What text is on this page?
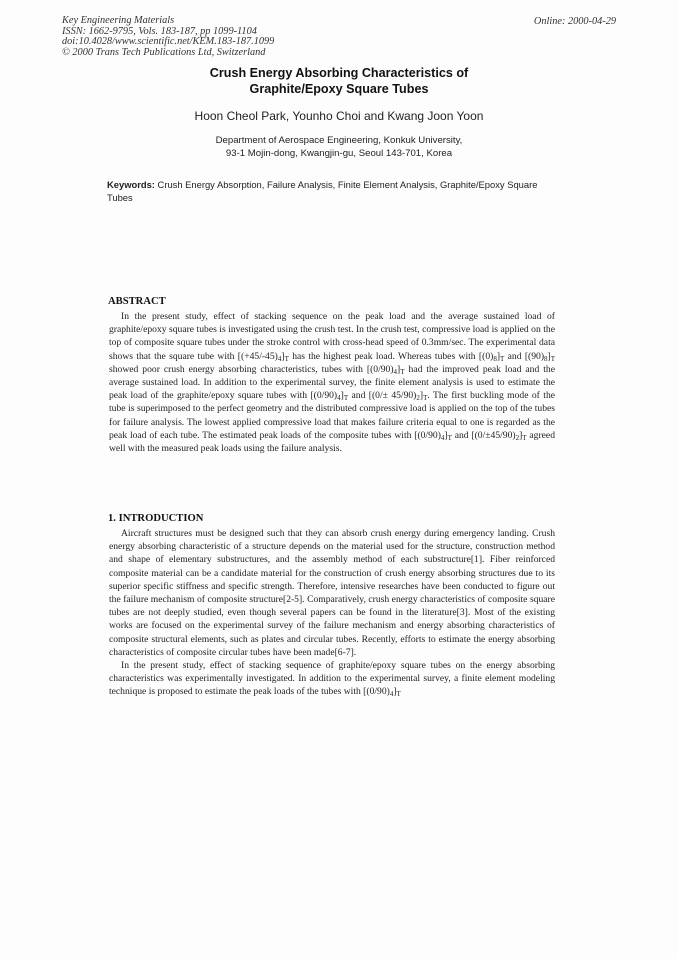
Key Engineering Materials
ISSN: 1662-9795, Vols. 183-187, pp 1099-1104
doi:10.4028/www.scientific.net/KEM.183-187.1099
© 2000 Trans Tech Publications Ltd, Switzerland
Online: 2000-04-29
Crush Energy Absorbing Characteristics of
Graphite/Epoxy Square Tubes
Hoon Cheol Park, Younho Choi and Kwang Joon Yoon
Department of Aerospace Engineering, Konkuk University,
93-1 Mojin-dong, Kwangjin-gu, Seoul 143-701, Korea
Keywords: Crush Energy Absorption, Failure Analysis, Finite Element Analysis, Graphite/Epoxy Square Tubes
ABSTRACT

In the present study, effect of stacking sequence on the peak load and the average sustained load of graphite/epoxy square tubes is investigated using the crush test. In the crush test, compressive load is applied on the top of composite square tubes under the stroke control with cross-head speed of 0.3mm/sec. The experimental data shows that the square tube with $[(+45/-45)_4]_T$ has the highest peak load. Whereas tubes with $[(0)_8]_T$ and $[(90)_8]_T$ showed poor crush energy absorbing characteristics, tubes with $[(0/90)_4]_T$ had the improved peak load and the average sustained load. In addition to the experimental survey, the finite element analysis is used to estimate the peak load of the graphite/epoxy square tubes with $[(0/90)_4]_T$ and $[(0/\pm 45/90)_2]_T$. The first buckling mode of the tube is superimposed to the perfect geometry and the distributed compressive load is applied on the top of the tubes for failure analysis. The lowest applied compressive load that makes failure criteria equal to one is regarded as the peak load of each tube. The estimated peak loads of the composite tubes with $[(0/90)_4]_T$ and $[(0/\pm 45/90)_2]_T$ agreed well with the measured peak loads using the failure analysis.

1. INTRODUCTION

Aircraft structures must be designed such that they can absorb crush energy during emergency landing. Crush energy absorbing characteristic of a structure depends on the material used for the structure, construction method and shape of elementary substructures, and the assembly method of each substructure[1]. Fiber reinforced composite material can be a candidate material for the construction of crush energy absorbing structures due to its superior specific stiffness and specific strength. Therefore, intensive researches have been conducted to figure out the failure mechanism of composite structure[2-5]. Comparatively, crush energy characteristics of composite square tubes are not deeply studied, even though several papers can be found in the literature[3]. Most of the existing works are focused on the experimental survey of the failure mechanism and energy absorbing characteristics of composite structural elements, such as plates and circular tubes. Recently, efforts to estimate the energy absorbing characteristics of composite circular tubes have been made[6-7].

In the present study, effect of stacking sequence of graphite/epoxy square tubes on the energy absorbing characteristics was experimentally investigated. In addition to the experimental survey, a finite element modeling technique is proposed to estimate the peak loads of the tubes with $[(0/90)_4]_T$
